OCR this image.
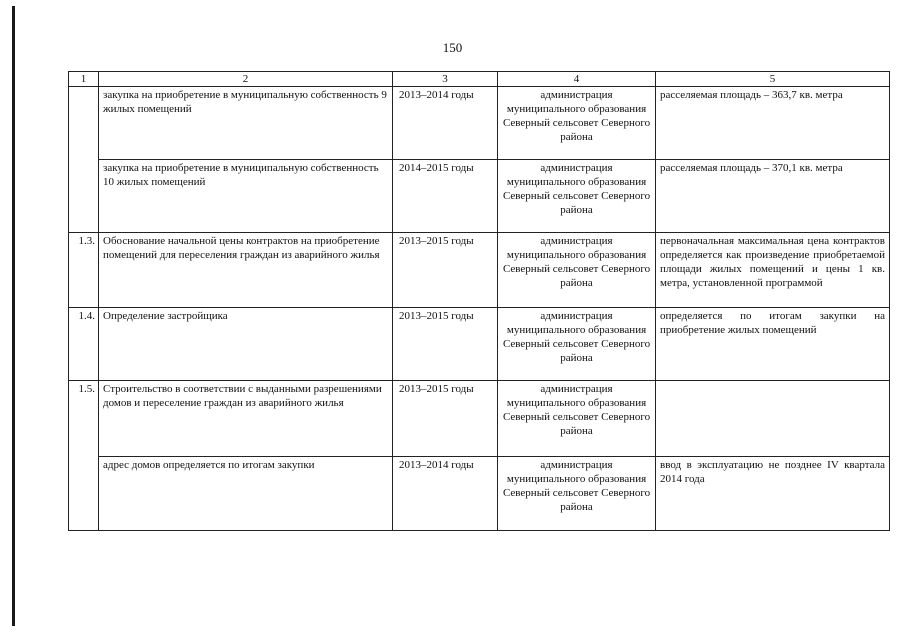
150
1	2	3	4	5
	закупка на приобретение в муниципальную собственность 9 жилых помещений	2013–2014 годы	администрация муниципального образования Северный сельсовет Северного района	расселяемая площадь – 363,7 кв. метра
	закупка на приобретение в муниципальную собственность 10 жилых помещений	2014–2015 годы	администрация муниципального образования Северный сельсовет Северного района	расселяемая площадь – 370,1 кв. метра
1.3.	Обоснование начальной цены контрактов на приобретение помещений для переселения граждан из аварийного жилья	2013–2015 годы	администрация муниципального образования Северный сельсовет Северного района	первоначальная максимальная цена контрактов определяется как произведение приобретаемой площади жилых помещений и цены 1 кв. метра, установленной программой
1.4.	Определение застройщика	2013–2015 годы	администрация муниципального образования Северный сельсовет Северного района	определяется по итогам закупки на приобретение жилых помещений
1.5.	Строительство в соответствии с выданными разрешениями домов и переселение граждан из аварийного жилья	2013–2015 годы	администрация муниципального образования Северный сельсовет Северного района	
	адрес домов определяется по итогам закупки	2013–2014 годы	администрация муниципального образования Северный сельсовет Северного района	ввод в эксплуатацию не позднее IV квартала 2014 года
